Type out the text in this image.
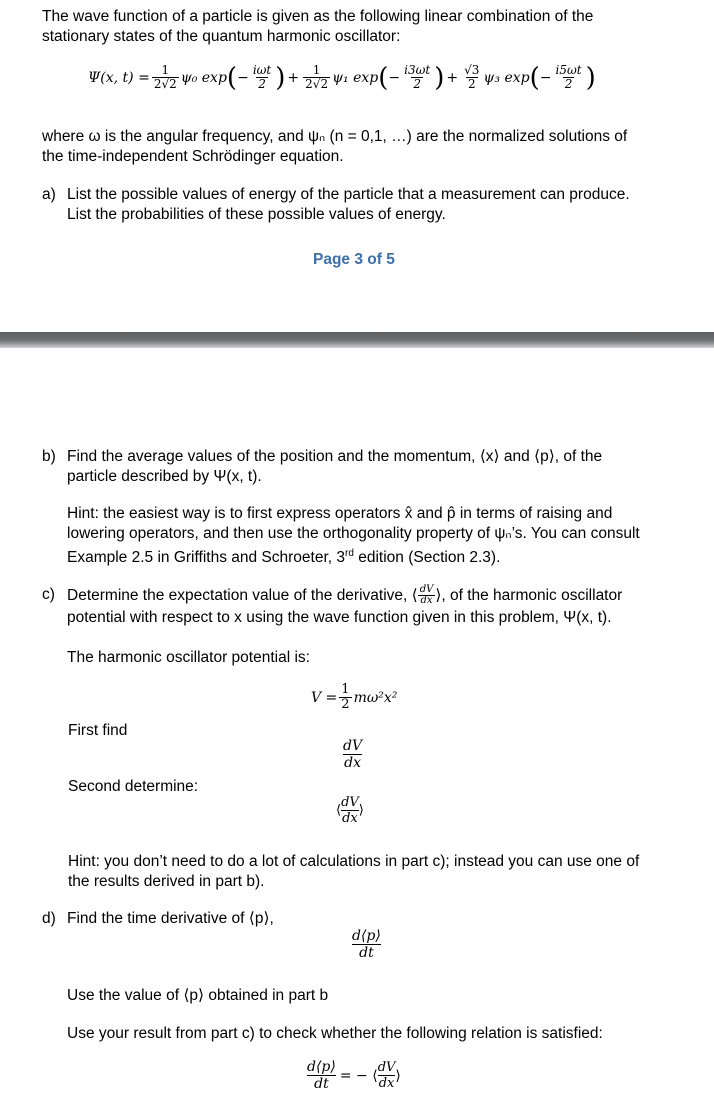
The wave function of a particle is given as the following linear combination of the
stationary states of the quantum harmonic oscillator:
Ψ(x, $t) = \frac{1}{2√2} \psi_0$ exp ( − $\frac{\text{iωt}}{2}$ ) + $\frac{1}{2√2} \psi_1$ exp ( − $\frac{i3\omega t}{2}$ ) + $\frac{√3}{2} \psi_3$ exp ( − $\frac{i5\omega t}{2}$ )
where ω is the angular frequency, and ψₙ (n = 0,1, …) are the normalized solutions of
the time-independent Schrödinger equation.
a) List the possible values of energy of the particle that a measurement can produce.
List the probabilities of these possible values of energy.
Page 3 of 5
b) Find the average values of the position and the momentum, ⟨x⟩ and ⟨p⟩, of the
particle described by Ψ(x, t).
Hint: the easiest way is to first express operators x̂ and p̂ in terms of raising and
lowering operators, and then use the orthogonality property of ψₙ’s. You can consult
Example 2.5 in Griffiths and Schroeter, 3rd edition (Section 2.3).
c) Determine the expectation value of the derivative, ⟨ $\frac{dV}{dx}$ ⟩, of the harmonic oscillator
potential with respect to x using the wave function given in this problem, Ψ(x, t).
The harmonic oscillator potential is:
$V = \frac{1}{2} m\omega^2x^2$
First find
dV
dx
Second determine:
⟨ $\frac{dV}{dx}$ ⟩
Hint: you don’t need to do a lot of calculations in part c); instead you can use one of
the results derived in part b).
d) Find the time derivative of ⟨p⟩,
d⟨p⟩
dt
Use the value of ⟨p⟩ obtained in part b
Use your result from part c) to check whether the following relation is satisfied:
$\frac{d⟨p⟩}{dt}$ = − ⟨ $\frac{dV}{dx}$ ⟩
